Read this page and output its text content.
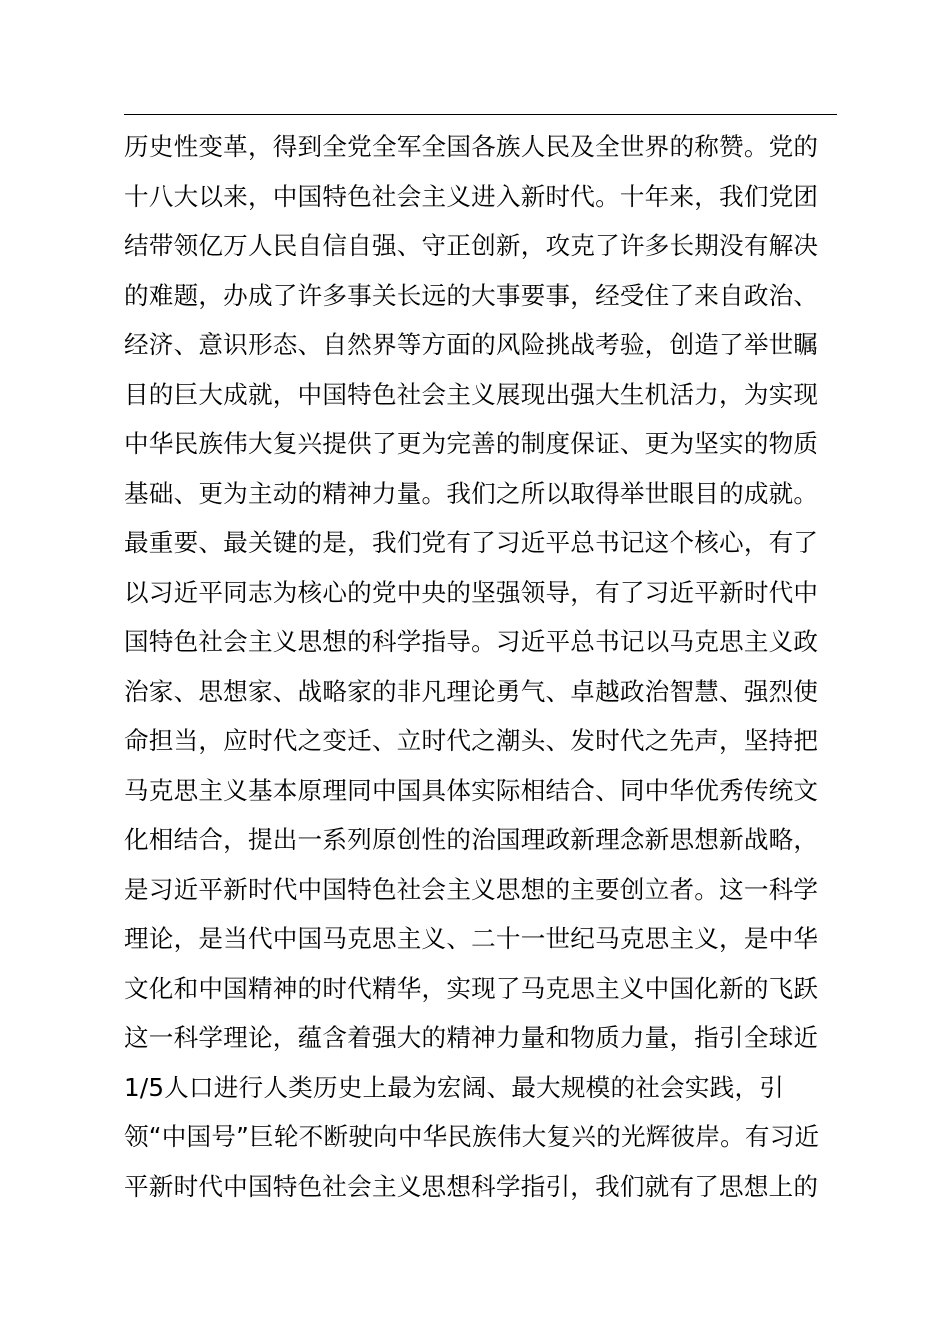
历史性变革，得到全党全军全国各族人民及全世界的称赞。党的
十八大以来，中国特色社会主义进入新时代。十年来，我们党团
结带领亿万人民自信自强、守正创新，攻克了许多长期没有解决
的难题，办成了许多事关长远的大事要事，经受住了来自政治、
经济、意识形态、自然界等方面的风险挑战考验，创造了举世瞩
目的巨大成就，中国特色社会主义展现出强大生机活力，为实现
中华民族伟大复兴提供了更为完善的制度保证、更为坚实的物质
基础、更为主动的精神力量。我们之所以取得举世眼目的成就。
最重要、最关键的是，我们党有了习近平总书记这个核心，有了
以习近平同志为核心的党中央的坚强领导，有了习近平新时代中
国特色社会主义思想的科学指导。习近平总书记以马克思主义政
治家、思想家、战略家的非凡理论勇气、卓越政治智慧、强烈使
命担当，应时代之变迁、立时代之潮头、发时代之先声，坚持把
马克思主义基本原理同中国具体实际相结合、同中华优秀传统文
化相结合，提出一系列原创性的治国理政新理念新思想新战略，
是习近平新时代中国特色社会主义思想的主要创立者。这一科学
理论，是当代中国马克思主义、二十一世纪马克思主义，是中华
文化和中国精神的时代精华，实现了马克思主义中国化新的飞跃
这一科学理论，蕴含着强大的精神力量和物质力量，指引全球近
1/5人口进行人类历史上最为宏阔、最大规模的社会实践，引
领“中国号”巨轮不断驶向中华民族伟大复兴的光辉彼岸。有习近
平新时代中国特色社会主义思想科学指引，我们就有了思想上的
